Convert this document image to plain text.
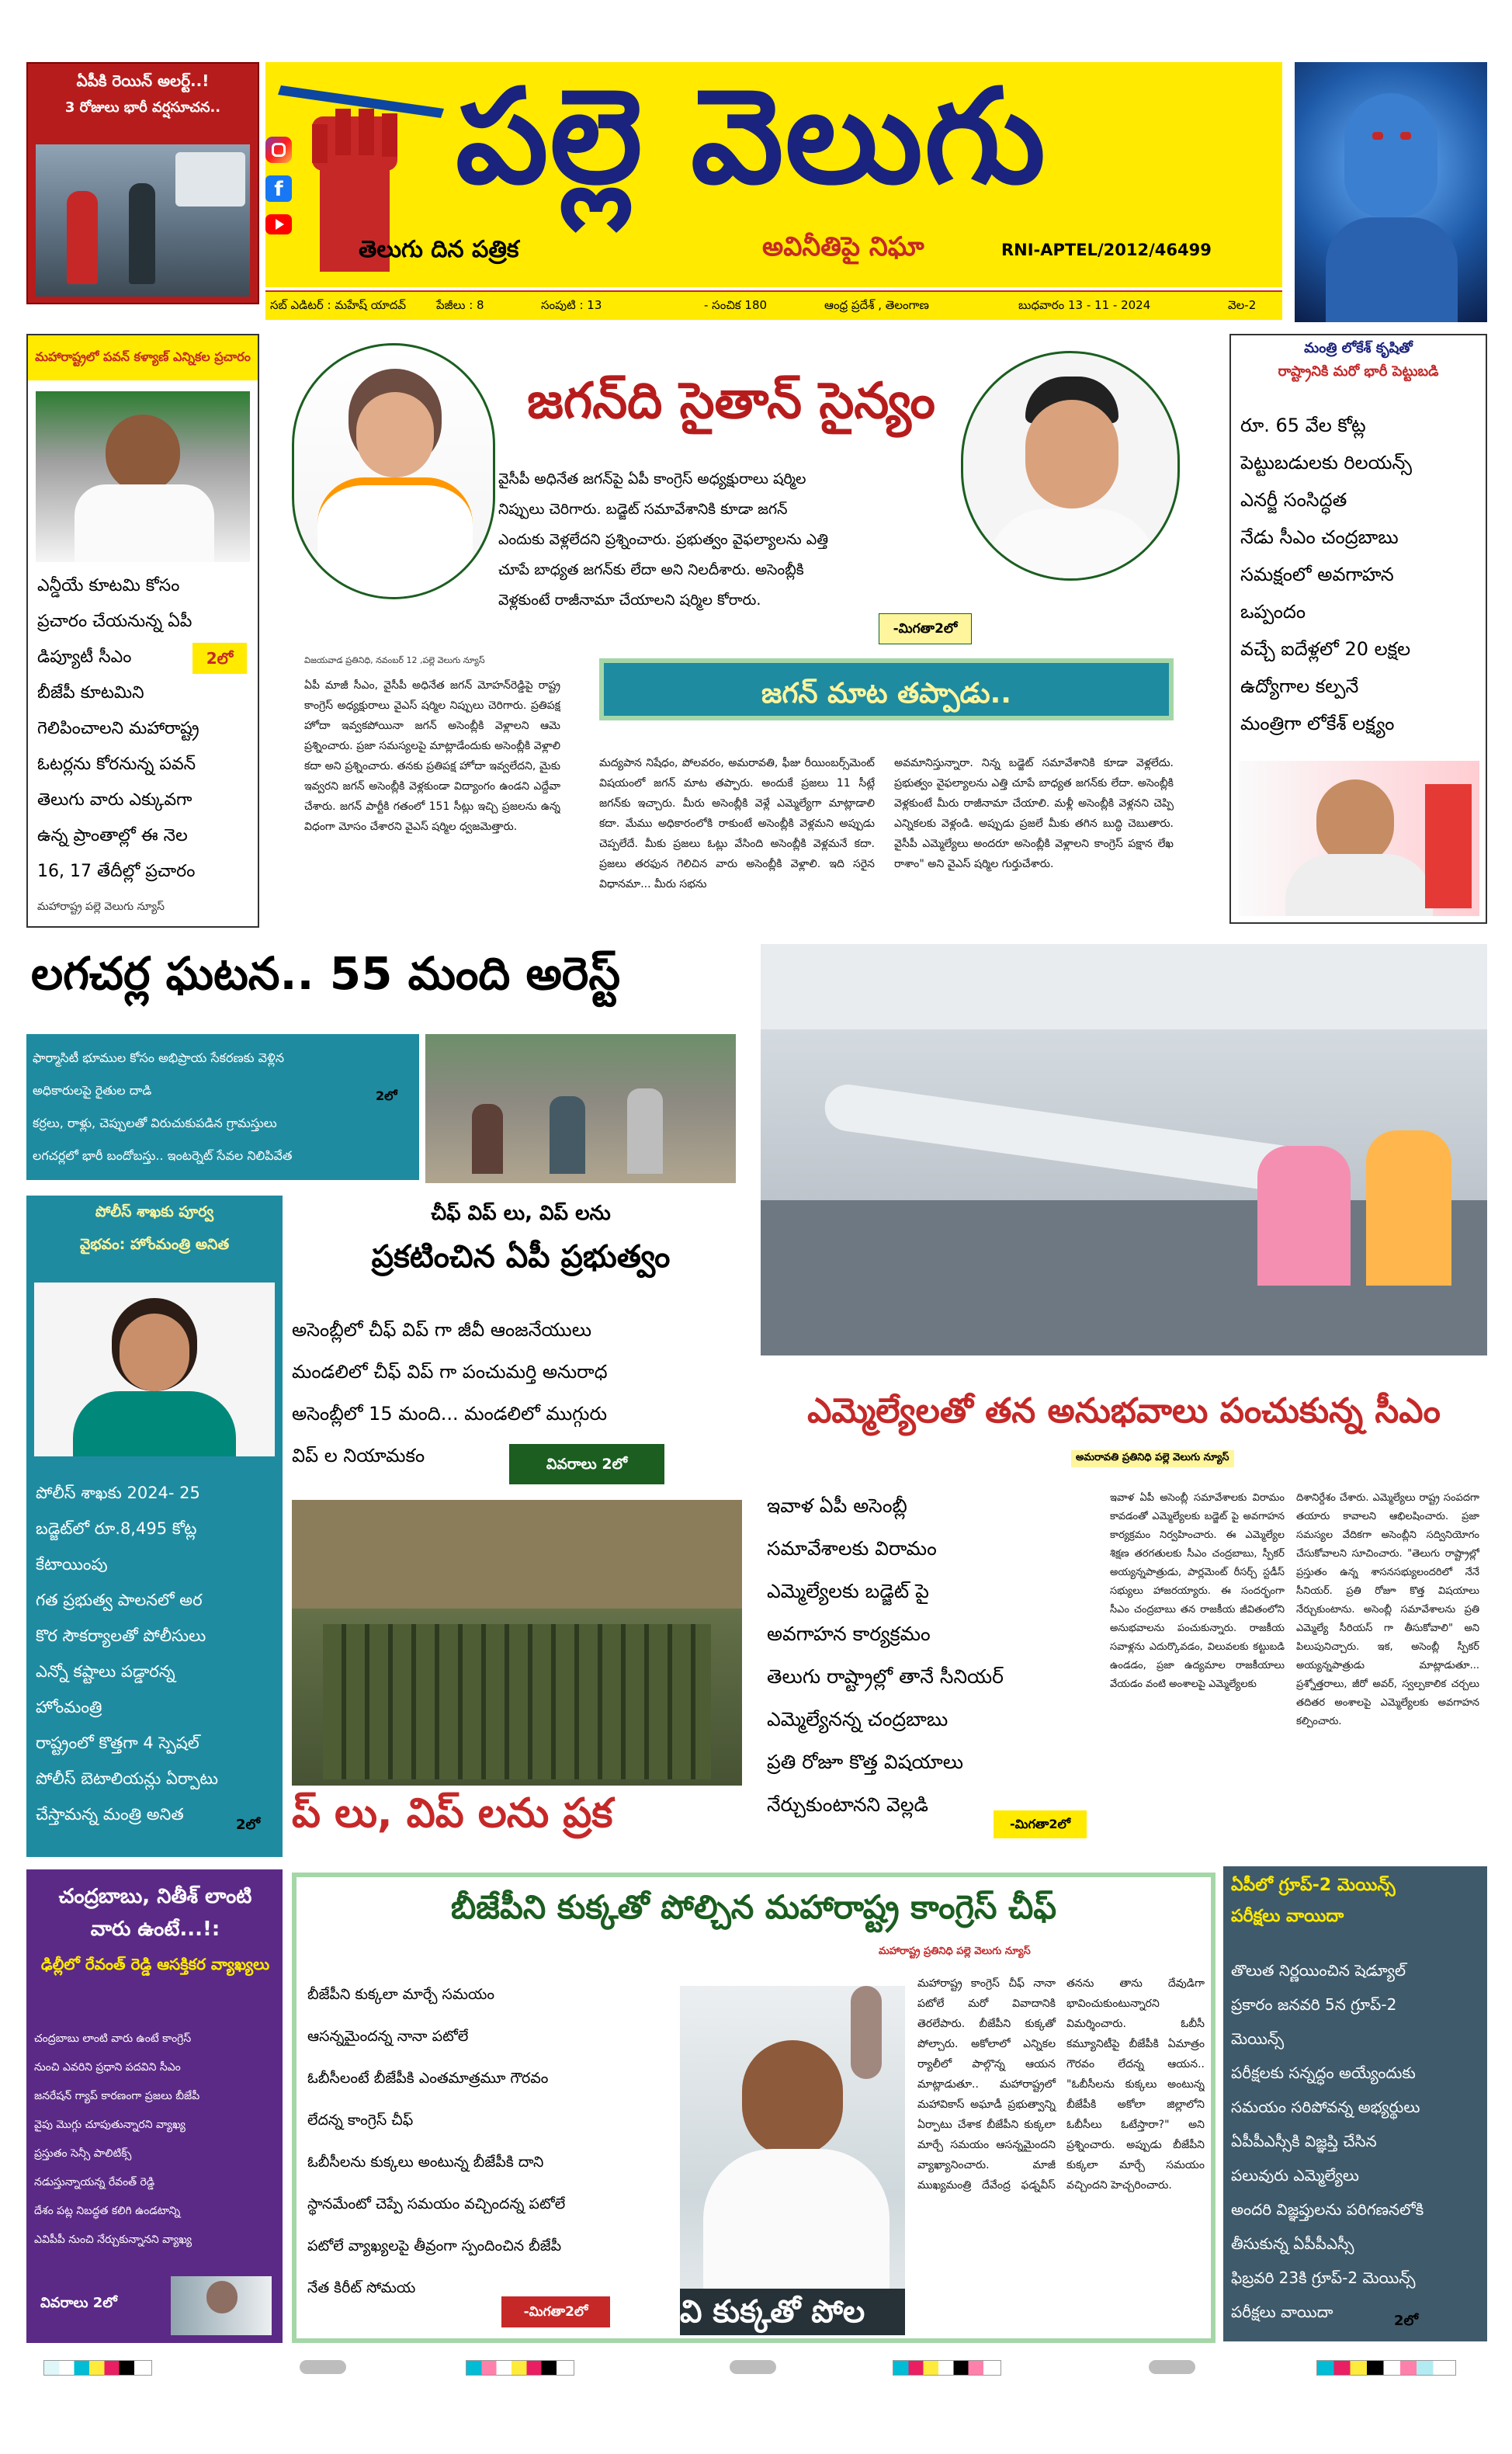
ఏపీకి రెయిన్ అలర్ట్..!
3 రోజులు భారీ వర్షసూచన..
f పల్లె వెలుగు
తెలుగు దిన పత్రిక	అవినీతిపై నిఘా	RNI-APTEL/2012/46499
సబ్ ఎడిటర్ : మహేష్ యాదవ్	పేజీలు : 8	సంపుటి : 13	- సంచిక 180	ఆంధ్ర ప్రదేశ్ , తెలంగాణ	బుధవారం 13 - 11 - 2024	వెల-2
మహారాష్ట్రలో పవన్ కళ్యాణ్ ఎన్నికల ప్రచారం
ఎన్డీయే కూటమి కోసం
ప్రచారం చేయనున్న ఏపీ
డిప్యూటీ సీఎం
బీజేపీ కూటమిని
గెలిపించాలని మహారాష్ట్ర
ఓటర్లను కోరనున్న పవన్
తెలుగు వారు ఎక్కువగా
ఉన్న ప్రాంతాల్లో ఈ నెల
16, 17 తేదీల్లో ప్రచారం
2లో
మహారాష్ట్ర పల్లె వెలుగు న్యూస్
జగన్‌ది సైతాన్ సైన్యం
వైసీపీ అధినేత జగన్‌పై ఏపీ కాంగ్రెస్ అధ్యక్షురాలు షర్మిల
నిప్పులు చెరిగారు. బడ్జెట్ సమావేశానికి కూడా జగన్
ఎందుకు వెళ్లలేదని ప్రశ్నించారు. ప్రభుత్వం వైఫల్యాలను ఎత్తి
చూపే బాధ్యత జగన్‌కు లేదా అని నిలదీశారు. అసెంబ్లీకి
వెళ్లకుంటే రాజీనామా చేయాలని షర్మిల కోరారు.
-మిగతా2లో
విజయవాడ ప్రతినిధి, నవంబర్ 12 ,పల్లె వెలుగు న్యూస్
జగన్ మాట తప్పాడు..
ఏపీ మాజీ సీఎం, వైసీపీ అధినేత జగన్ మోహన్‌రెడ్డిపై రాష్ట్ర కాంగ్రెస్ అధ్యక్షురాలు వైఎస్ షర్మిల నిప్పులు చెరిగారు. ప్రతిపక్ష హోదా ఇవ్వకపోయినా జగన్ అసెంబ్లీకి వెళ్లాలని ఆమె ప్రశ్నించారు. ప్రజా సమస్యలపై మాట్లాడేందుకు అసెంబ్లీకి వెళ్లాలి కదా అని ప్రశ్నించారు. తనకు ప్రతిపక్ష హోదా ఇవ్వలేదని, మైకు ఇవ్వరని జగన్ అసెంబ్లీకి వెళ్లకుండా విద్యాంగం ఉండని ఎద్దేవా చేశారు. జగన్ పార్టీకి గతంలో 151 సీట్లు ఇచ్చి ప్రజలను ఉన్న విధంగా మోసం చేశారని వైఎస్ షర్మిల ధ్వజమెత్తారు.
మద్యపాన నిషేధం, పోలవరం, అమరావతి, ఫీజు రీయింబర్స్‌మెంట్ విషయంలో జగన్ మాట తప్పారు. అందుకే ప్రజలు 11 సీట్లే జగన్‌కు ఇచ్చారు. మీరు అసెంబ్లీకి వెళ్లే ఎమ్మెల్యేగా మాట్లాడాలి కదా. మేము అధికారంలోకి రాకుంటే అసెంబ్లీకి వెళ్లమని అప్పుడు చెప్పలేదే. మీకు ప్రజలు ఓట్లు వేసింది అసెంబ్లీకి వెళ్లమనే కదా. ప్రజలు తరఫున గెలిచిన వారు అసెంబ్లీకి వెళ్లాలి. ఇది సరైన విధానమా... మీరు సభను
అవమానిస్తున్నారా. నిన్న బడ్జెట్ సమావేశానికి కూడా వెళ్లలేదు. ప్రభుత్వం వైఫల్యాలను ఎత్తి చూపే బాధ్యత జగన్‌కు లేదా. అసెంబ్లీకి వెళ్లకుంటే మీరు రాజీనామా చేయాలి. మళ్లీ అసెంబ్లీకి వెళ్లనని చెప్పి ఎన్నికలకు వెళ్లండి. అప్పుడు ప్రజలే మీకు తగిన బుద్ధి చెబుతారు. వైసీపీ ఎమ్మెల్యేలు అందరూ అసెంబ్లీకి వెళ్లాలని కాంగ్రెస్ పక్షాన లేఖ రాశాం" అని వైఎస్ షర్మిల గుర్తుచేశారు.
మంత్రి లోకేశ్ కృషితో
రాష్ట్రానికి మరో భారీ పెట్టుబడి
రూ. 65 వేల కోట్ల
పెట్టుబడులకు రిలయన్స్
ఎనర్జీ సంసిద్ధత
నేడు సీఎం చంద్రబాబు
సమక్షంలో అవగాహన
ఒప్పందం
వచ్చే ఐదేళ్లలో 20 లక్షల
ఉద్యోగాల కల్పనే
మంత్రిగా లోకేశ్ లక్ష్యం
లగచర్ల ఘటన.. 55 మంది అరెస్ట్
ఫార్మాసిటీ భూముల కోసం అభిప్రాయ సేకరణకు వెళ్లిన
అధికారులపై రైతుల దాడి
కర్రలు, రాళ్లు, చెప్పులతో విరుచుకుపడిన గ్రామస్తులు
లగచర్లలో భారీ బందోబస్తు.. ఇంటర్నెట్ సేవల నిలిపివేత
2లో
పోలీస్ శాఖకు పూర్వ
వైభవం: హోంమంత్రి అనిత
పోలీస్ శాఖకు 2024- 25
బడ్జెట్‌లో రూ.8,495 కోట్ల
కేటాయింపు
గత ప్రభుత్వ పాలనలో అర
కొర సౌకర్యాలతో పోలీసులు
ఎన్నో కష్టాలు పడ్డారన్న
హోంమంత్రి
రాష్ట్రంలో కొత్తగా 4 స్పెషల్
పోలీస్ బెటాలియన్లు ఏర్పాటు
చేస్తామన్న మంత్రి అనిత
2లో
చీఫ్ విప్ లు, విప్ లను
ప్రకటించిన ఏపీ ప్రభుత్వం
అసెంబ్లీలో చీఫ్ విప్ గా జీవీ ఆంజనేయులు
మండలిలో చీఫ్ విప్ గా పంచుమర్తి అనురాధ
అసెంబ్లీలో 15 మంది... మండలిలో ముగ్గురు
విప్ ల నియామకం	వివరాలు 2లో
ప్ లు, విప్ లను ప్రక
ఎమ్మెల్యేలతో తన అనుభవాలు పంచుకున్న సీఎం
అమరావతి ప్రతినిధి పల్లె వెలుగు న్యూస్
ఇవాళ ఏపీ అసెంబ్లీ
సమావేశాలకు విరామం
ఎమ్మెల్యేలకు బడ్జెట్ పై
అవగాహన కార్యక్రమం
తెలుగు రాష్ట్రాల్లో తానే సీనియర్
ఎమ్మెల్యేనన్న చంద్రబాబు
ప్రతి రోజూ కొత్త విషయాలు
నేర్చుకుంటానని వెల్లడి
-మిగతా2లో
ఇవాళ ఏపీ అసెంబ్లీ సమావేశాలకు విరామం కావడంతో ఎమ్మెల్యేలకు బడ్జెట్ పై అవగాహన కార్యక్రమం నిర్వహించారు. ఈ ఎమ్మెల్యేల శిక్షణ తరగతులకు సీఎం చంద్రబాబు, స్పీకర్ అయ్యన్నపాత్రుడు, పార్లమెంట్ రీసర్చ్ స్టడీస్ సభ్యులు హాజరయ్యారు. ఈ సందర్భంగా సీఎం చంద్రబాబు తన రాజకీయ జీవితంలోని అనుభవాలను పంచుకున్నారు. రాజకీయ సవాళ్లను ఎదుర్కొవడం, విలువలకు కట్టుబడి ఉండడం, ప్రజా ఉద్యమాల రాజకీయాలు వేయడం వంటి అంశాలపై ఎమ్మెల్యేలకు
దిశానిర్దేశం చేశారు. ఎమ్మెల్యేలు రాష్ట్ర సంపదగా తయారు కావాలని ఆభిలషించారు. ప్రజా సమస్యల వేదికగా అసెంబ్లీని సద్వినియోగం చేసుకోవాలని సూచించారు. "తెలుగు రాష్ట్రాల్లో ప్రస్తుతం ఉన్న శాసనసభ్యులందరిలో నేనే సీనియర్. ప్రతి రోజూ కొత్త విషయాలు నేర్చుకుంటాను. అసెంబ్లీ సమావేశాలను ప్రతి ఎమ్మెల్యే సీరియస్ గా తీసుకోవాలి" అని పిలుపునిచ్చారు. ఇక, అసెంబ్లీ స్పీకర్ అయ్యన్నపాత్రుడు మాట్లాడుతూ... ప్రశ్నోత్తరాలు, జీరో అవర్, స్వల్పకాలిక చర్చలు తదితర అంశాలపై ఎమ్మెల్యేలకు అవగాహన కల్పించారు.
చంద్రబాబు, నితీశ్ లాంటి వారు ఉంటే...!:
ఢిల్లీలో రేవంత్ రెడ్డి ఆసక్తికర వ్యాఖ్యలు
చంద్రబాబు లాంటి వారు ఉంటే కాంగ్రెస్
నుంచి ఎవరిని ప్రధాని పదవిని సీఎం
జనరేషన్ గ్యాప్ కారణంగా ప్రజలు బీజేపీ
వైపు మొగ్గు చూపుతున్నారని వ్యాఖ్య
ప్రస్తుతం సెన్సీ పాలిటిక్స్
నడుస్తున్నాయన్న రేవంత్ రెడ్డి
దేశం పట్ల నిబద్ధత కలిగి ఉండటాన్ని
ఎవిపీపీ నుంచి నేర్చుకున్నానని వ్యాఖ్య
వివరాలు 2లో
బీజేపీని కుక్కతో పోల్చిన మహారాష్ట్ర కాంగ్రెస్ చీఫ్
మహారాష్ట్ర ప్రతినిధి పల్లె వెలుగు న్యూస్
బీజేపీని కుక్కలా మార్చే సమయం
ఆసన్నమైందన్న నానా పటోలే
ఓబీసీలంటే బీజేపీకి ఎంతమాత్రమూ గౌరవం
లేదన్న కాంగ్రెస్ చీఫ్
ఓబీసీలను కుక్కలు అంటున్న బీజేపీకి దాని
స్థానమేంటో చెప్పే సమయం వచ్చిందన్న పటోలే
పటోలే వ్యాఖ్యలపై తీవ్రంగా స్పందించిన బీజేపీ
నేత కిరీట్ సోమయ
-మిగతా2లో	వి కుక్కతో పోల
మహారాష్ట్ర కాంగ్రెస్ చీఫ్ నానా పటోలే మరో వివాదానికి తెరలేపారు. బీజేపీని కుక్కతో పోల్చారు. అకోలాలో ఎన్నికల ర్యాలీలో పాల్గొన్న ఆయన మాట్లాడుతూ.. మహారాష్ట్రలో మహావికాస్ అఘాడీ ప్రభుత్వాన్ని ఏర్పాటు చేశాక బీజేపీని కుక్కలా మార్చే సమయం ఆసన్నమైందని వ్యాఖ్యానించారు. మాజీ ముఖ్యమంత్రి దేవేంద్ర ఫడ్నవీస్ తనను తాను దేవుడిగా భావించుకుంటున్నారని విమర్శించారు. ఓబీసీ కమ్యూనిటీపై బీజేపీకి ఏమాత్రం గౌరవం లేదన్న ఆయన.. "ఓబీసీలను కుక్కలు అంటున్న బీజేపీకి అకోలా జిల్లాలోని ఓబీసీలు ఓటేస్తారా?" అని ప్రశ్నించారు. అప్పుడు బీజేపీని కుక్కలా మార్చే సమయం వచ్చిందని హెచ్చరించారు.
ఏపీలో గ్రూప్-2 మెయిన్స్
పరీక్షలు వాయిదా
తొలుత నిర్ణయించిన షెడ్యూల్
ప్రకారం జనవరి 5న గ్రూప్-2
మెయిన్స్
పరీక్షలకు సన్నద్ధం అయ్యేందుకు
సమయం సరిపోవన్న అభ్యర్థులు
ఏపీపీఎస్సీకి విజ్ఞప్తి చేసిన
పలువురు ఎమ్మెల్యేలు
అందరి విజ్ఞప్తులను పరిగణనలోకి
తీసుకున్న ఏపీపీఎస్సీ
ఫిబ్రవరి 23కి గ్రూప్-2 మెయిన్స్
పరీక్షలు వాయిదా	2లో
